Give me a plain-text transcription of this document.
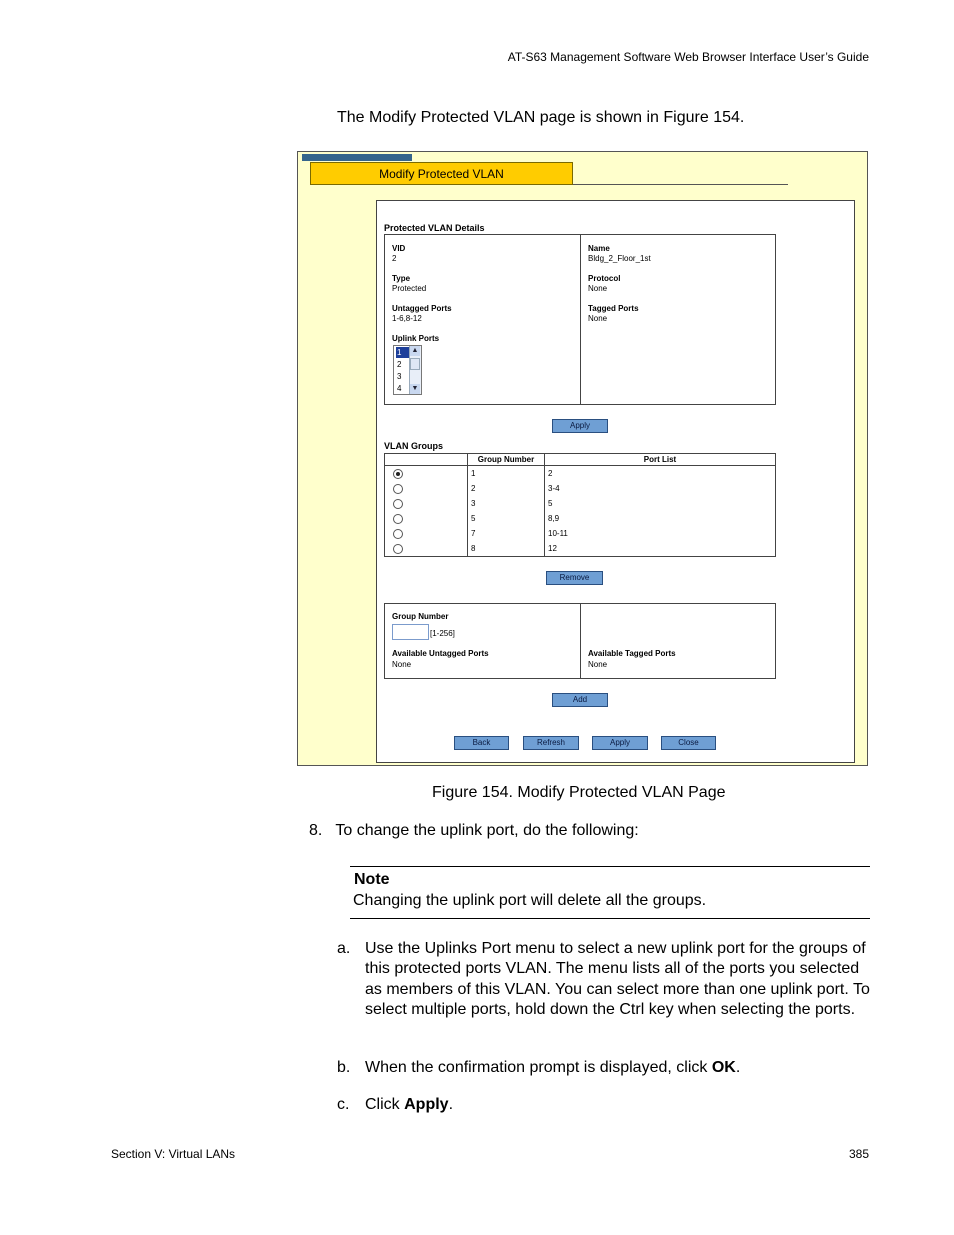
AT-S63 Management Software Web Browser Interface User’s Guide
The Modify Protected VLAN page is shown in Figure 154.
Modify Protected VLAN
Protected VLAN Details
VID
2
Type
Protected
Untagged Ports
1-6,8-12
Uplink Ports
1
2
3
4
▲
▼
Name
Bldg_2_Floor_1st
Protocol
None
Tagged Ports
None
Apply
VLAN Groups
	Group Number	Port List
	1	2
	2	3-4
	3	5
	5	8,9
	7	10-11
	8	12
Remove
Group Number
[1-256]
Available Untagged Ports
None
Available Tagged Ports
None
Add
Back	Refresh	Apply	Close
Figure 154. Modify Protected VLAN Page
8.   To change the uplink port, do the following:
Note
Changing the uplink port will delete all the groups.
a. Use the Uplinks Port menu to select a new uplink port for the groups of this protected ports VLAN. The menu lists all of the ports you selected as members of this VLAN. You can select more than one uplink port. To select multiple ports, hold down the Ctrl key when selecting the ports.
b. When the confirmation prompt is displayed, click OK.
c. Click Apply.
Section V: Virtual LANs	385
